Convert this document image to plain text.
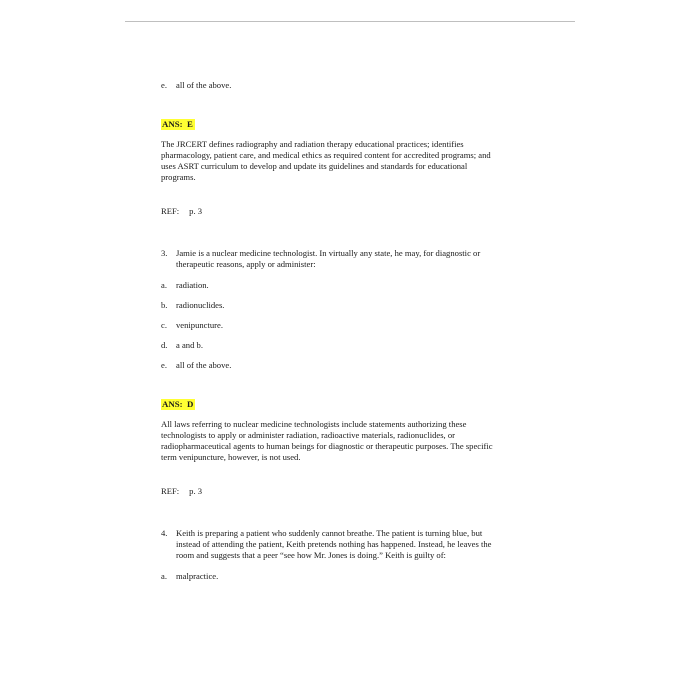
e. all of the above.
ANS: E
The JRCERT defines radiography and radiation therapy educational practices; identifies
pharmacology, patient care, and medical ethics as required content for accredited programs; and
uses ASRT curriculum to develop and update its guidelines and standards for educational
programs.
REF: p. 3
3. Jamie is a nuclear medicine technologist. In virtually any state, he may, for diagnostic or
therapeutic reasons, apply or administer:
a. radiation.
b. radionuclides.
c. venipuncture.
d. a and b.
e. all of the above.
ANS: D
All laws referring to nuclear medicine technologists include statements authorizing these
technologists to apply or administer radiation, radioactive materials, radionuclides, or
radiopharmaceutical agents to human beings for diagnostic or therapeutic purposes. The specific
term venipuncture, however, is not used.
REF: p. 3
4. Keith is preparing a patient who suddenly cannot breathe. The patient is turning blue, but
instead of attending the patient, Keith pretends nothing has happened. Instead, he leaves the
room and suggests that a peer “see how Mr. Jones is doing.” Keith is guilty of:
a. malpractice.
